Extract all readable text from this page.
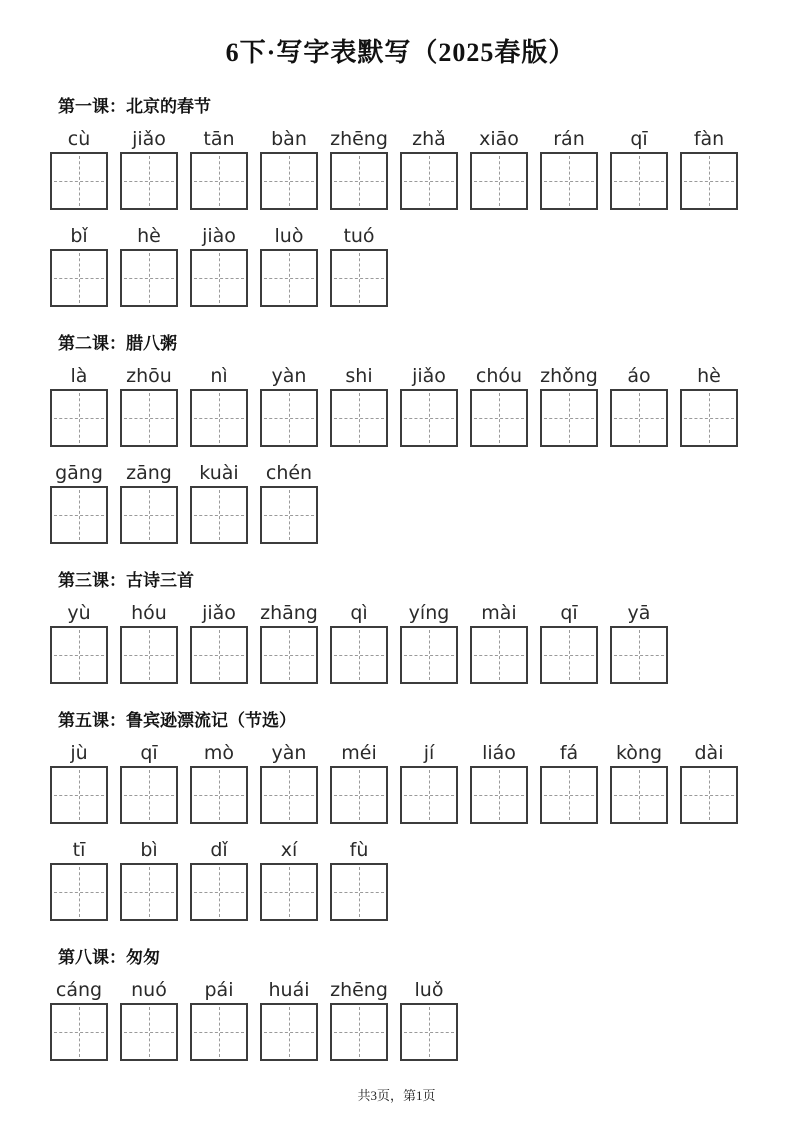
6下·写字表默写（2025春版）
第一课：北京的春节
cù jiǎo tān bàn zhēng zhǎ xiāo rán qī fàn
bǐ	hè jiào luò tuó
第二课：腊八粥
là zhōu nì yàn shi jiǎo chóu zhǒng áo hè
gāng zāng kuài chén
第三课：古诗三首
yù hóu jiǎo zhāng qì yíng mài qī	yā
第五课：鲁宾逊漂流记（节选）
jù	qī mò yàn méi jí	liáo fá kòng dài
tī	bì	dǐ	xí	fù
第八课：匆匆
cáng nuó pái huái zhēng luǒ
共3页，第1页
